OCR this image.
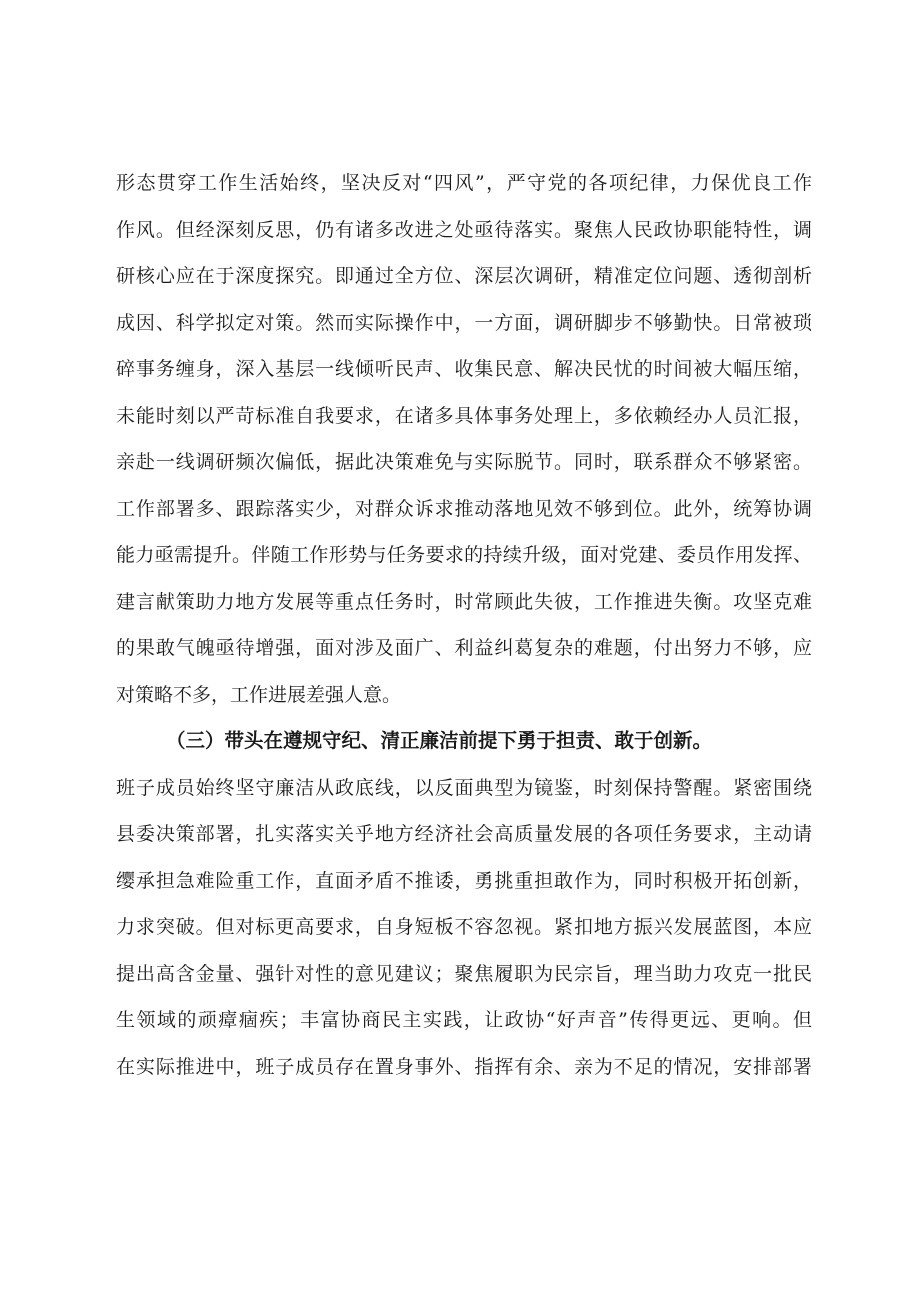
形态贯穿工作生活始终，坚决反对“四风”，严守党的各项纪律，力保优良工作
作风。但经深刻反思，仍有诸多改进之处亟待落实。聚焦人民政协职能特性，调
研核心应在于深度探究。即通过全方位、深层次调研，精准定位问题、透彻剖析
成因、科学拟定对策。然而实际操作中，一方面，调研脚步不够勤快。日常被琐
碎事务缠身，深入基层一线倾听民声、收集民意、解决民忧的时间被大幅压缩，
未能时刻以严苛标准自我要求，在诸多具体事务处理上，多依赖经办人员汇报，
亲赴一线调研频次偏低，据此决策难免与实际脱节。同时，联系群众不够紧密。
工作部署多、跟踪落实少，对群众诉求推动落地见效不够到位。此外，统筹协调
能力亟需提升。伴随工作形势与任务要求的持续升级，面对党建、委员作用发挥、
建言献策助力地方发展等重点任务时，时常顾此失彼，工作推进失衡。攻坚克难
的果敢气魄亟待增强，面对涉及面广、利益纠葛复杂的难题，付出努力不够，应
对策略不多，工作进展差强人意。
（三）带头在遵规守纪、清正廉洁前提下勇于担责、敢于创新。
班子成员始终坚守廉洁从政底线，以反面典型为镜鉴，时刻保持警醒。紧密围绕
县委决策部署，扎实落实关乎地方经济社会高质量发展的各项任务要求，主动请
缨承担急难险重工作，直面矛盾不推诿，勇挑重担敢作为，同时积极开拓创新，
力求突破。但对标更高要求，自身短板不容忽视。紧扣地方振兴发展蓝图，本应
提出高含金量、强针对性的意见建议；聚焦履职为民宗旨，理当助力攻克一批民
生领域的顽瘴痼疾；丰富协商民主实践，让政协“好声音”传得更远、更响。但
在实际推进中，班子成员存在置身事外、指挥有余、亲为不足的情况，安排部署
